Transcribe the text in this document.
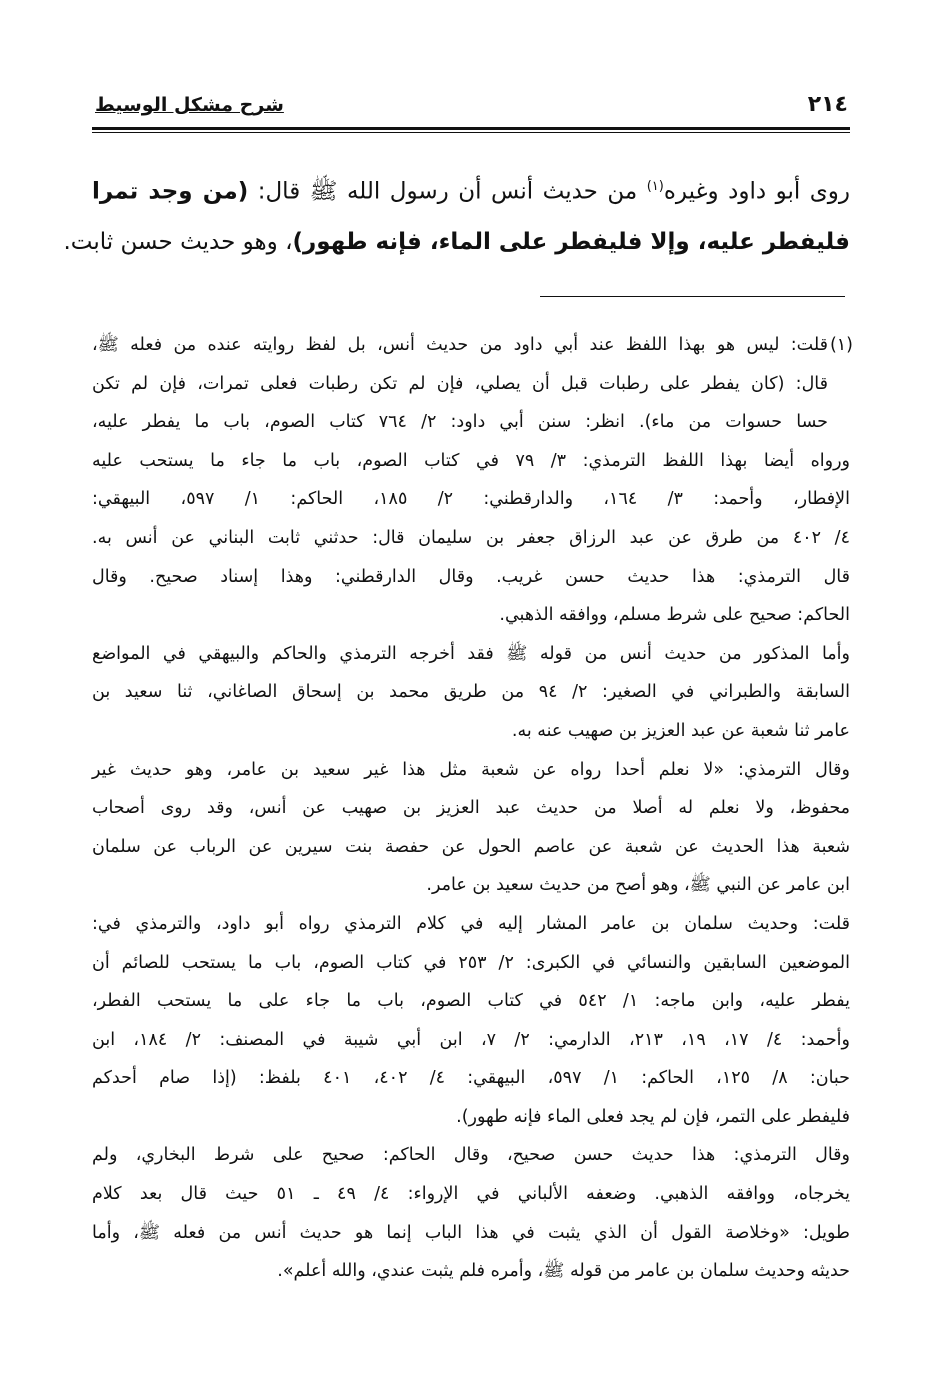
٢١٤
شرح مشكل الوسيط
روى أبو داود وغيره$^{(١)}$ من حديث أنس أن رسول الله ﷺ قال: (من وجد تمرا
فليفطر عليه، وإلا فليفطر على الماء، فإنه طهور)، وهو حديث حسن ثابت.
(١)
قلت: ليس هو بهذا اللفظ عند أبي داود من حديث أنس، بل لفظ روايته عنده من فعله ﷺ،
قال: (كان يفطر على رطبات قبل أن يصلي، فإن لم تكن رطبات فعلى تمرات، فإن لم تكن
حسا حسوات من ماء). انظر: سنن أبي داود: ٢/ ٧٦٤ كتاب الصوم، باب ما يفطر عليه،
ورواه أيضا بهذا اللفظ الترمذي: ٣/ ٧٩ في كتاب الصوم، باب ما جاء ما يستحب عليه
الإفطار، وأحمد: ٣/ ١٦٤، والدارقطني: ٢/ ١٨٥، الحاكم: ١/ ٥٩٧، البيهقي:
٤/ ٤٠٢ من طرق عن عبد الرزاق جعفر بن سليمان قال: حدثني ثابت البناني عن أنس به.
قال الترمذي: هذا حديث حسن غريب. وقال الدارقطني: وهذا إسناد صحيح. وقال
الحاكم: صحيح على شرط مسلم، ووافقه الذهبي.
وأما المذكور من حديث أنس من قوله ﷺ فقد أخرجه الترمذي والحاكم والبيهقي في المواضع
السابقة والطبراني في الصغير: ٢/ ٩٤ من طريق محمد بن إسحاق الصاغاني، ثنا سعيد بن
عامر ثنا شعبة عن عبد العزيز بن صهيب عنه به.
وقال الترمذي: «لا نعلم أحدا رواه عن شعبة مثل هذا غير سعيد بن عامر، وهو حديث غير
محفوظ، ولا نعلم له أصلا من حديث عبد العزيز بن صهيب عن أنس، وقد روى أصحاب
شعبة هذا الحديث عن شعبة عن عاصم الحول عن حفصة بنت سيرين عن الرباب عن سلمان
ابن عامر عن النبي ﷺ، وهو أصح من حديث سعيد بن عامر.
قلت: وحديث سلمان بن عامر المشار إليه في كلام الترمذي رواه أبو داود، والترمذي في:
الموضعين السابقين والنسائي في الكبرى: ٢/ ٢٥٣ في كتاب الصوم، باب ما يستحب للصائم أن
يفطر عليه، وابن ماجه: ١/ ٥٤٢ في كتاب الصوم، باب ما جاء على ما يستحب الفطر،
وأحمد: ٤/ ١٧، ١٩، ٢١٣، الدارمي: ٢/ ٧، ابن أبي شيبة في المصنف: ٢/ ١٨٤، ابن
حبان: ٨/ ١٢٥، الحاكم: ١/ ٥٩٧، البيهقي: ٤/ ٤٠٢، ٤٠١ بلفظ: (إذا صام أحدكم
فليفطر على التمر، فإن لم يجد فعلى الماء فإنه طهور).
وقال الترمذي: هذا حديث حسن صحيح، وقال الحاكم: صحيح على شرط البخاري، ولم
يخرجاه، ووافقه الذهبي. وضعفه الألباني في الإرواء: ٤/ ٤٩ ـ ٥١ حيث قال بعد كلام
طويل: «وخلاصة القول أن الذي يثبت في هذا الباب إنما هو حديث أنس من فعله ﷺ، وأما
حديثه وحديث سلمان بن عامر من قوله ﷺ، وأمره فلم يثبت عندي، والله أعلم».
